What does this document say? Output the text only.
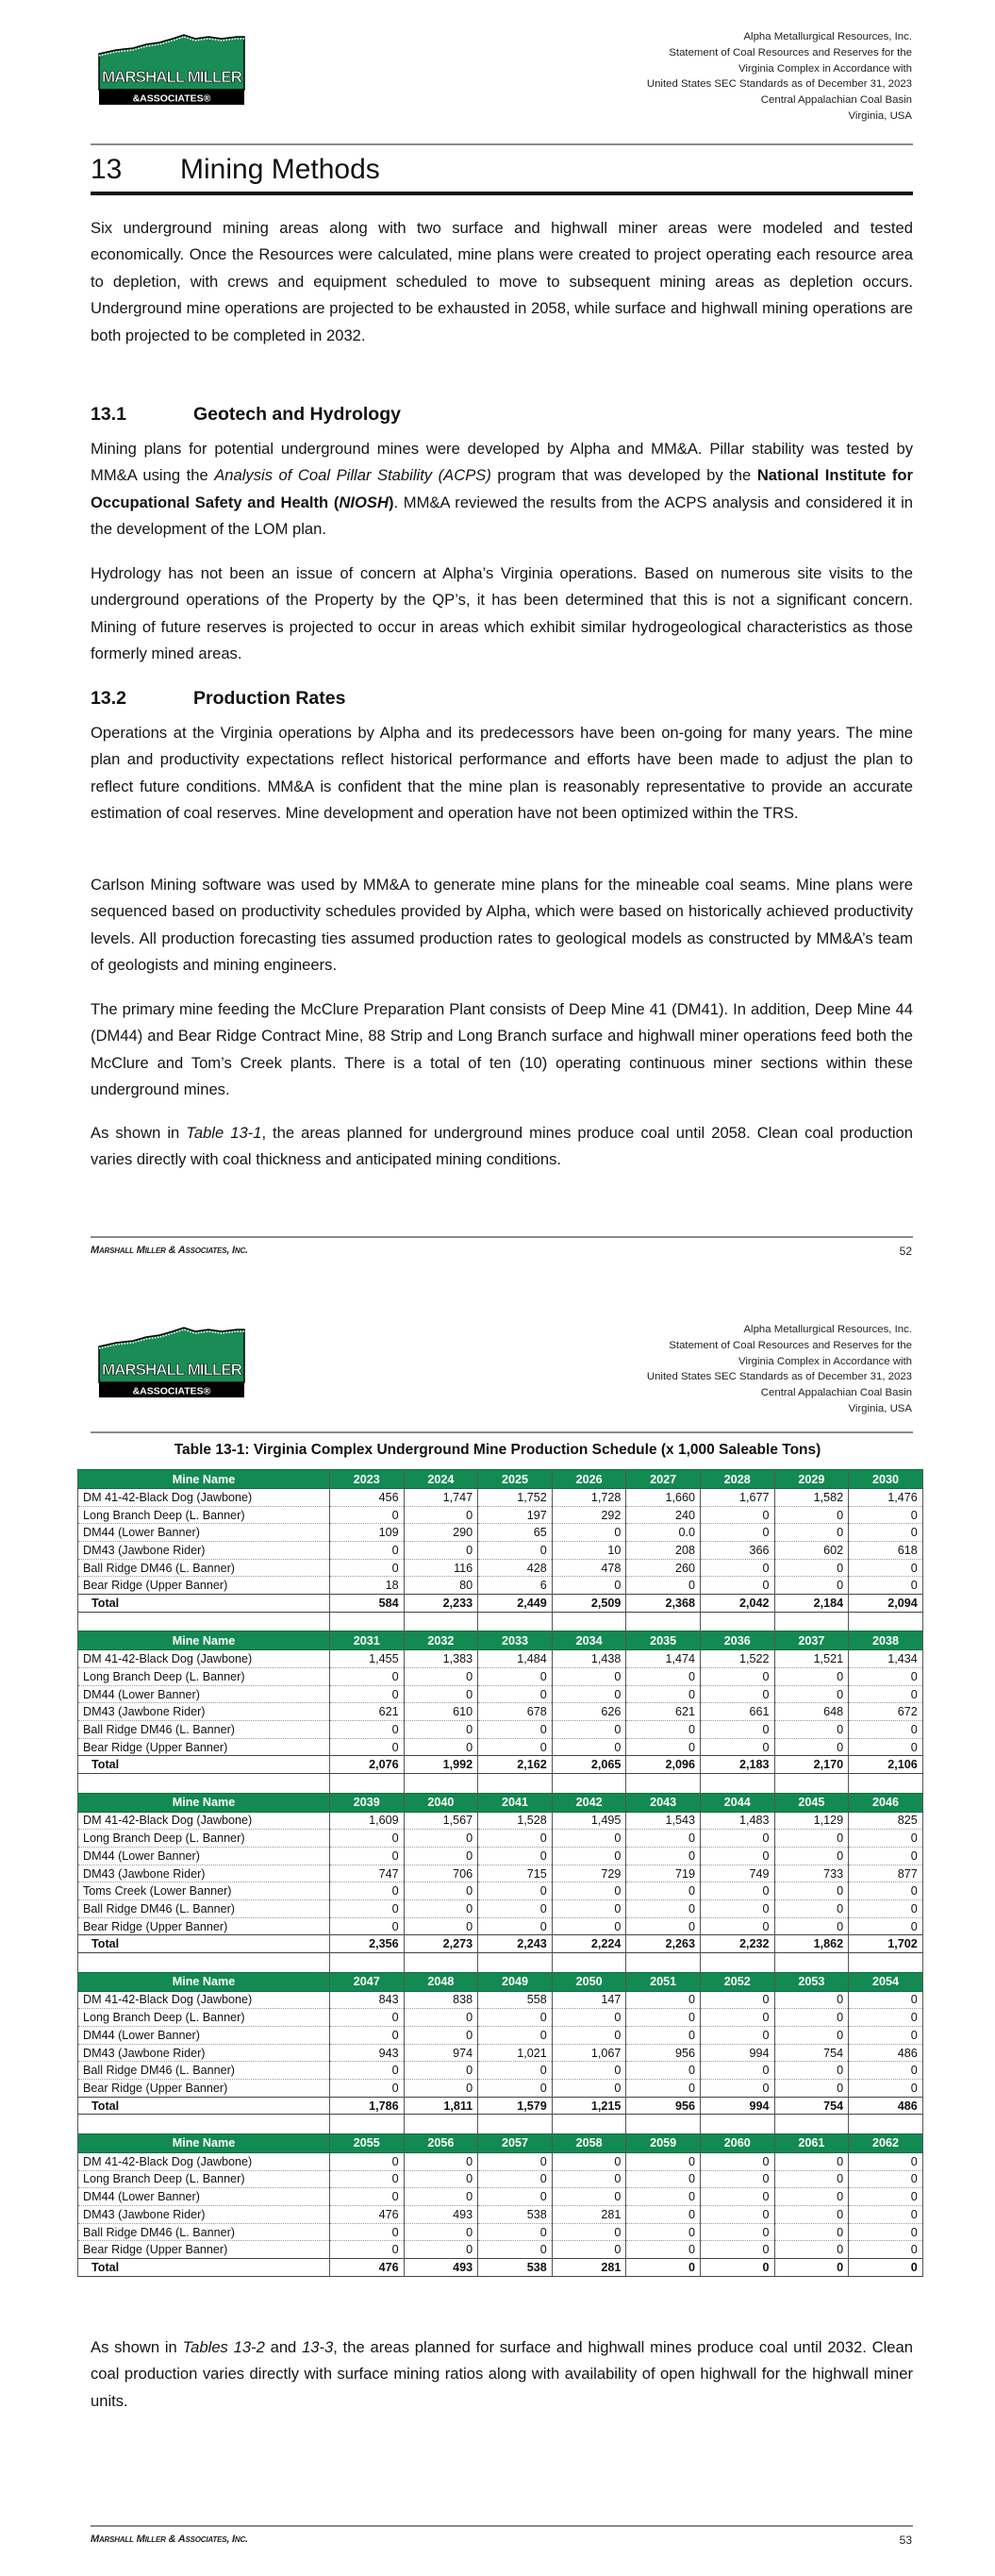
MARSHALL MILLER
&ASSOCIATES®
Alpha Metallurgical Resources, Inc.
Statement of Coal Resources and Reserves for the
Virginia Complex in Accordance with
United States SEC Standards as of December 31, 2023
Central Appalachian Coal Basin
Virginia, USA
13 Mining Methods
Six underground mining areas along with two surface and highwall miner areas were modeled and tested economically. Once the Resources were calculated, mine plans were created to project operating each resource area to depletion, with crews and equipment scheduled to move to subsequent mining areas as depletion occurs. Underground mine operations are projected to be exhausted in 2058, while surface and highwall mining operations are both projected to be completed in 2032.
13.1	Geotech and Hydrology
Mining plans for potential underground mines were developed by Alpha and MM&A. Pillar stability was tested by MM&A using the Analysis of Coal Pillar Stability (ACPS) program that was developed by the National Institute for Occupational Safety and Health (NIOSH). MM&A reviewed the results from the ACPS analysis and considered it in the development of the LOM plan.
Hydrology has not been an issue of concern at Alpha’s Virginia operations. Based on numerous site visits to the underground operations of the Property by the QP’s, it has been determined that this is not a significant concern. Mining of future reserves is projected to occur in areas which exhibit similar hydrogeological characteristics as those formerly mined areas.
13.2	Production Rates
Operations at the Virginia operations by Alpha and its predecessors have been on-going for many years. The mine plan and productivity expectations reflect historical performance and efforts have been made to adjust the plan to reflect future conditions. MM&A is confident that the mine plan is reasonably representative to provide an accurate estimation of coal reserves. Mine development and operation have not been optimized within the TRS.
Carlson Mining software was used by MM&A to generate mine plans for the mineable coal seams. Mine plans were sequenced based on productivity schedules provided by Alpha, which were based on historically achieved productivity levels. All production forecasting ties assumed production rates to geological models as constructed by MM&A’s team of geologists and mining engineers.
The primary mine feeding the McClure Preparation Plant consists of Deep Mine 41 (DM41). In addition, Deep Mine 44 (DM44) and Bear Ridge Contract Mine, 88 Strip and Long Branch surface and highwall miner operations feed both the McClure and Tom’s Creek plants. There is a total of ten (10) operating continuous miner sections within these underground mines.
As shown in Table 13-1, the areas planned for underground mines produce coal until 2058. Clean coal production varies directly with coal thickness and anticipated mining conditions.
Marshall Miller & Associates, Inc.	52
MARSHALL MILLER
&ASSOCIATES®
Alpha Metallurgical Resources, Inc.
Statement of Coal Resources and Reserves for the
Virginia Complex in Accordance with
United States SEC Standards as of December 31, 2023
Central Appalachian Coal Basin
Virginia, USA
Table 13-1: Virginia Complex Underground Mine Production Schedule (x 1,000 Saleable Tons)
Mine Name	2023	2024	2025	2026	2027	2028	2029	2030
DM 41-42-Black Dog (Jawbone)	456	1,747	1,752	1,728	1,660	1,677	1,582	1,476
Long Branch Deep (L. Banner)	0	0	197	292	240	0	0	0
DM44 (Lower Banner)	109	290	65	0	0.0	0	0	0
DM43 (Jawbone Rider)	0	0	0	10	208	366	602	618
Ball Ridge DM46 (L. Banner)	0	116	428	478	260	0	0	0
Bear Ridge (Upper Banner)	18	80	6	0	0	0	0	0
Total	584	2,233	2,449	2,509	2,368	2,042	2,184	2,094

Mine Name	2031	2032	2033	2034	2035	2036	2037	2038
DM 41-42-Black Dog (Jawbone)	1,455	1,383	1,484	1,438	1,474	1,522	1,521	1,434
Long Branch Deep (L. Banner)	0	0	0	0	0	0	0	0
DM44 (Lower Banner)	0	0	0	0	0	0	0	0
DM43 (Jawbone Rider)	621	610	678	626	621	661	648	672
Ball Ridge DM46 (L. Banner)	0	0	0	0	0	0	0	0
Bear Ridge (Upper Banner)	0	0	0	0	0	0	0	0
Total	2,076	1,992	2,162	2,065	2,096	2,183	2,170	2,106

Mine Name	2039	2040	2041	2042	2043	2044	2045	2046
DM 41-42-Black Dog (Jawbone)	1,609	1,567	1,528	1,495	1,543	1,483	1,129	825
Long Branch Deep (L. Banner)	0	0	0	0	0	0	0	0
DM44 (Lower Banner)	0	0	0	0	0	0	0	0
DM43 (Jawbone Rider)	747	706	715	729	719	749	733	877
Toms Creek (Lower Banner)	0	0	0	0	0	0	0	0
Ball Ridge DM46 (L. Banner)	0	0	0	0	0	0	0	0
Bear Ridge (Upper Banner)	0	0	0	0	0	0	0	0
Total	2,356	2,273	2,243	2,224	2,263	2,232	1,862	1,702

Mine Name	2047	2048	2049	2050	2051	2052	2053	2054
DM 41-42-Black Dog (Jawbone)	843	838	558	147	0	0	0	0
Long Branch Deep (L. Banner)	0	0	0	0	0	0	0	0
DM44 (Lower Banner)	0	0	0	0	0	0	0	0
DM43 (Jawbone Rider)	943	974	1,021	1,067	956	994	754	486
Ball Ridge DM46 (L. Banner)	0	0	0	0	0	0	0	0
Bear Ridge (Upper Banner)	0	0	0	0	0	0	0	0
Total	1,786	1,811	1,579	1,215	956	994	754	486

Mine Name	2055	2056	2057	2058	2059	2060	2061	2062
DM 41-42-Black Dog (Jawbone)	0	0	0	0	0	0	0	0
Long Branch Deep (L. Banner)	0	0	0	0	0	0	0	0
DM44 (Lower Banner)	0	0	0	0	0	0	0	0
DM43 (Jawbone Rider)	476	493	538	281	0	0	0	0
Ball Ridge DM46 (L. Banner)	0	0	0	0	0	0	0	0
Bear Ridge (Upper Banner)	0	0	0	0	0	0	0	0
Total	476	493	538	281	0	0	0	0
As shown in Tables 13-2 and 13-3, the areas planned for surface and highwall mines produce coal until 2032. Clean coal production varies directly with surface mining ratios along with availability of open highwall for the highwall miner units.
Marshall Miller & Associates, Inc.	53
